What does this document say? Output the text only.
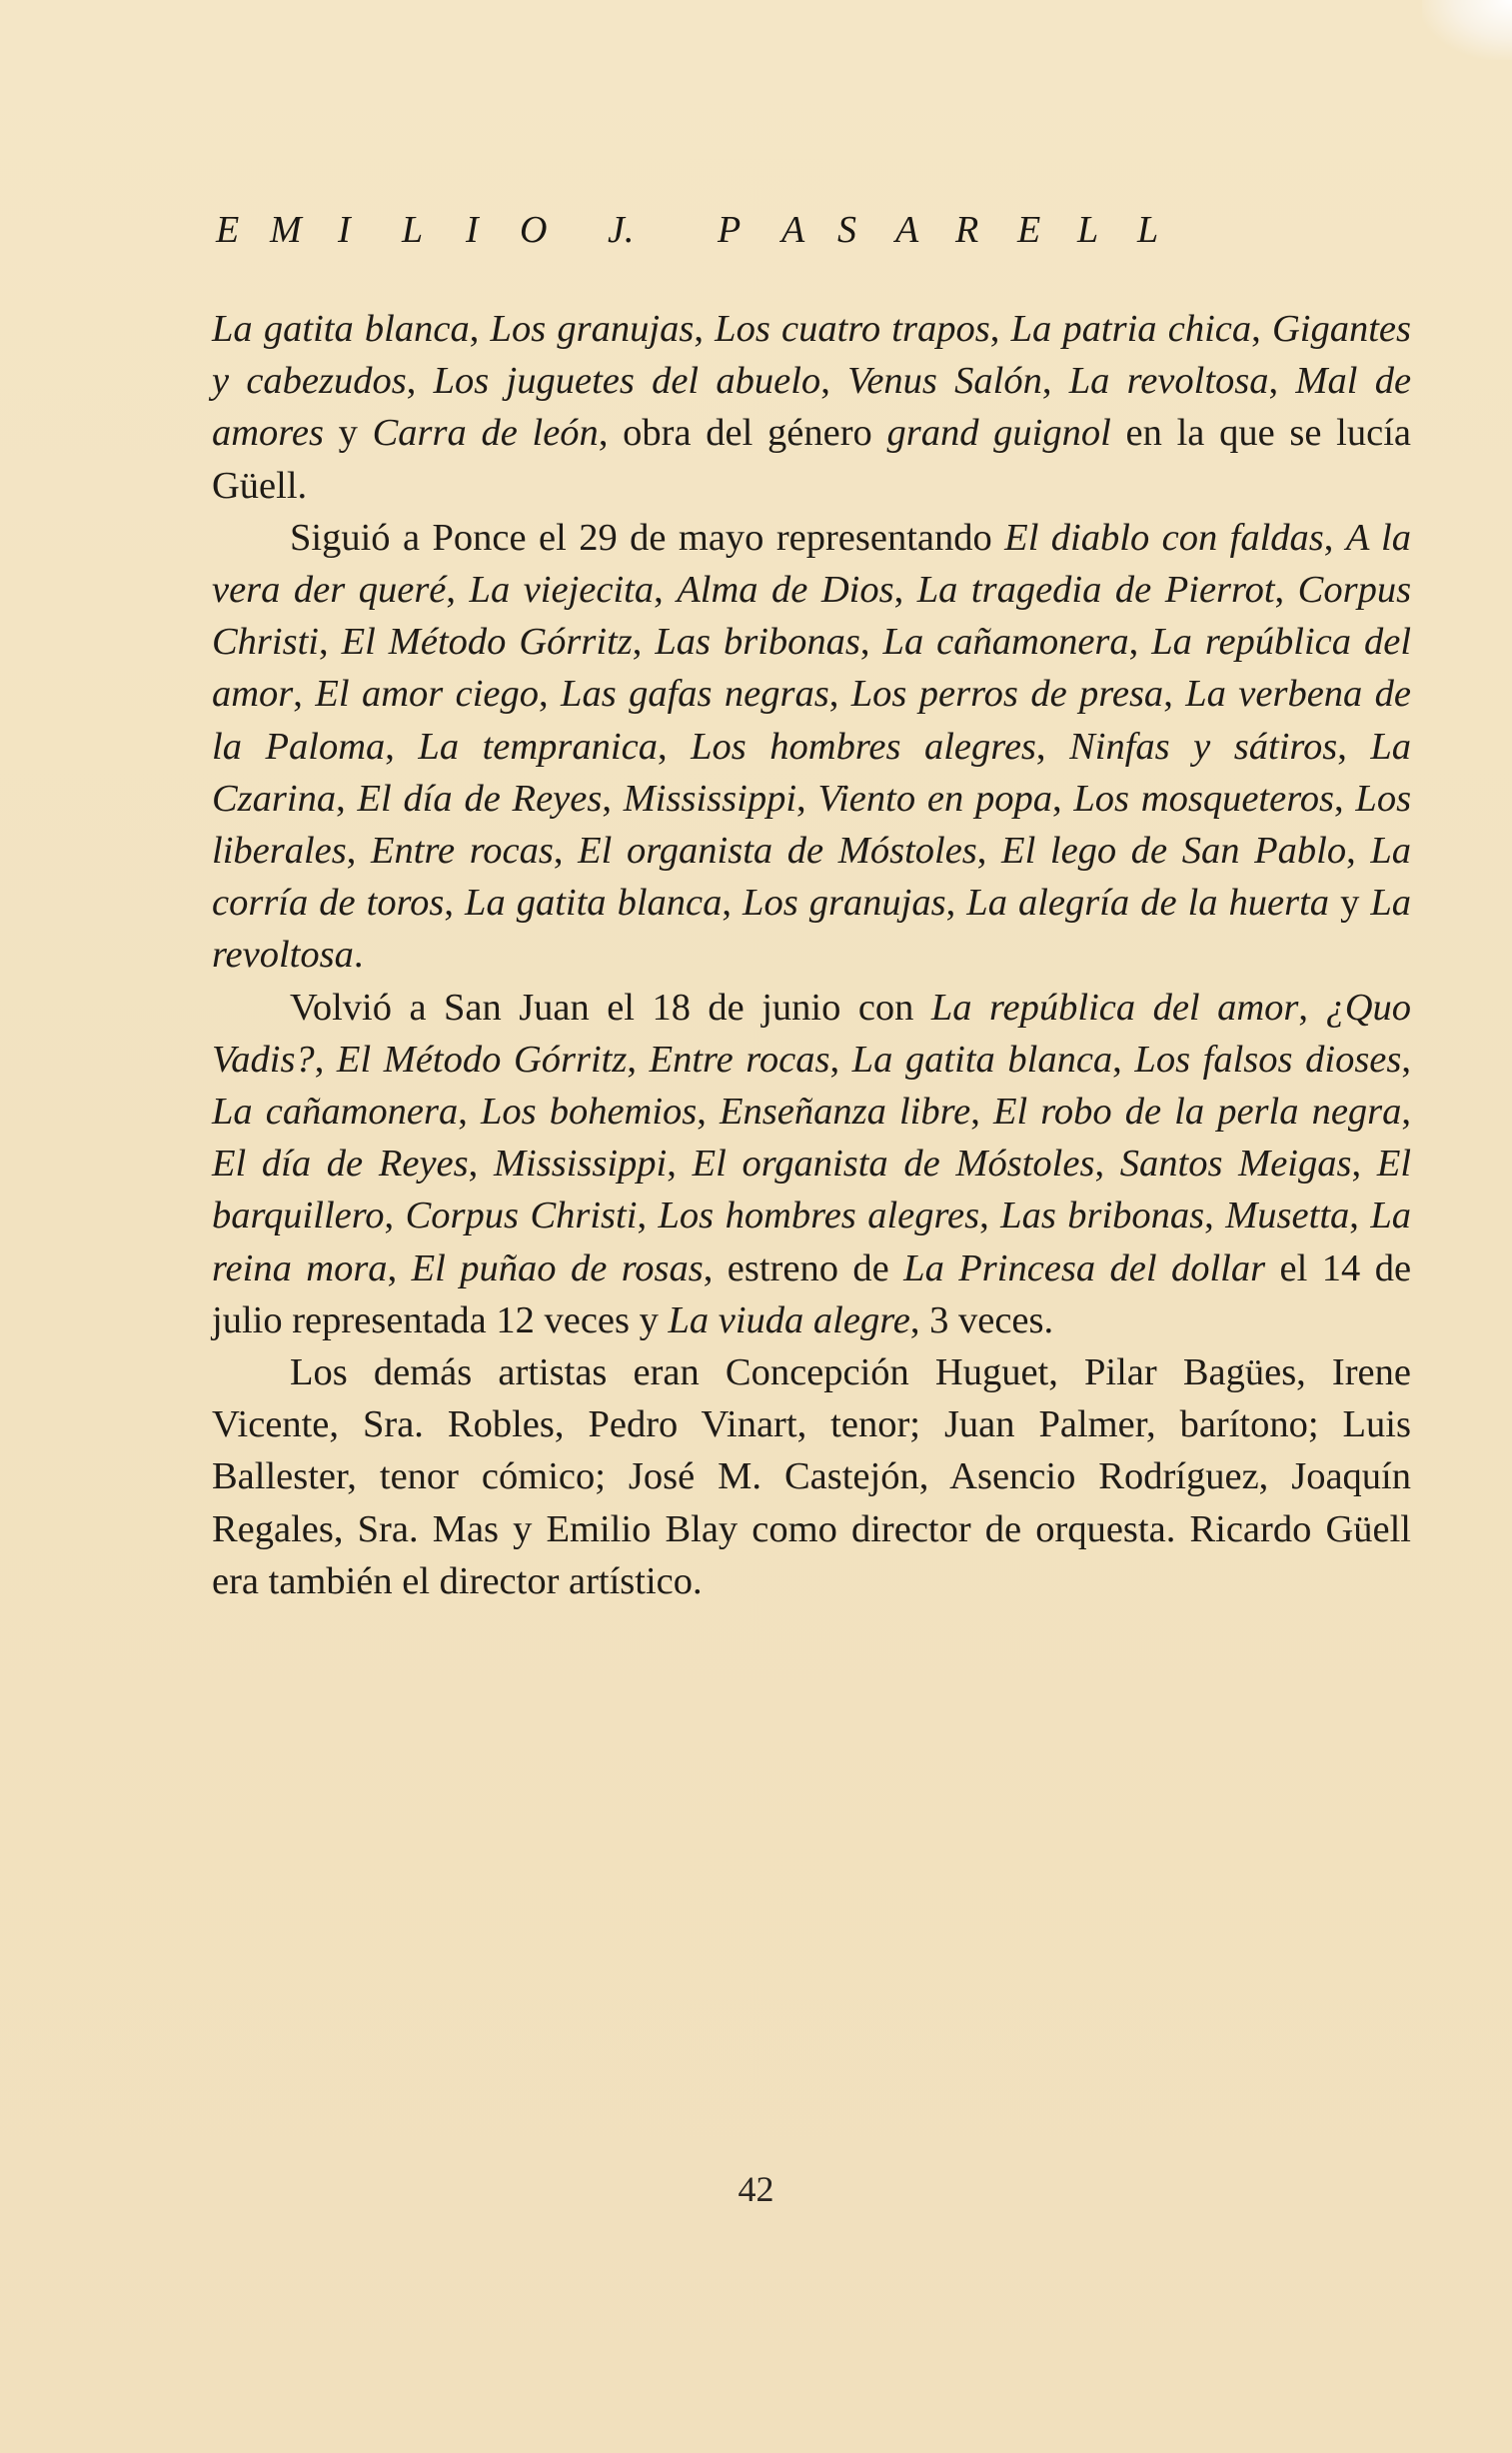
E M I L I O J. P A S A R E L L

La gatita blanca, Los granujas, Los cuatro trapos, La patria chica, Gigantes y cabezudos, Los juguetes del abuelo, Venus Salón, La revoltosa, Mal de amores y Carra de león, obra del género grand guignol en la que se lucía Güell.

Siguió a Ponce el 29 de mayo representando El diablo con faldas, A la vera der queré, La viejecita, Alma de Dios, La tragedia de Pierrot, Corpus Christi, El Método Górritz, Las bribonas, La cañamonera, La república del amor, El amor ciego, Las gafas negras, Los perros de presa, La verbena de la Paloma, La tempranica, Los hombres alegres, Ninfas y sátiros, La Czarina, El día de Reyes, Mississippi, Viento en popa, Los mosqueteros, Los liberales, Entre rocas, El organista de Móstoles, El lego de San Pablo, La corría de toros, La gatita blanca, Los granujas, La alegría de la huerta y La revoltosa.

Volvió a San Juan el 18 de junio con La república del amor, ¿Quo Vadis?, El Método Górritz, Entre rocas, La gatita blanca, Los falsos dioses, La cañamonera, Los bohemios, Enseñanza libre, El robo de la perla negra, El día de Reyes, Mississippi, El organista de Móstoles, Santos Meigas, El barquillero, Corpus Christi, Los hombres alegres, Las bribonas, Musetta, La reina mora, El puñao de rosas, estreno de La Princesa del dollar el 14 de julio representada 12 veces y La viuda alegre, 3 veces.

Los demás artistas eran Concepción Huguet, Pilar Bagües, Irene Vicente, Sra. Robles, Pedro Vinart, tenor; Juan Palmer, barítono; Luis Ballester, tenor cómico; José M. Castejón, Asencio Rodríguez, Joaquín Regales, Sra. Mas y Emilio Blay como director de orquesta. Ricardo Güell era también el director artístico.

42
